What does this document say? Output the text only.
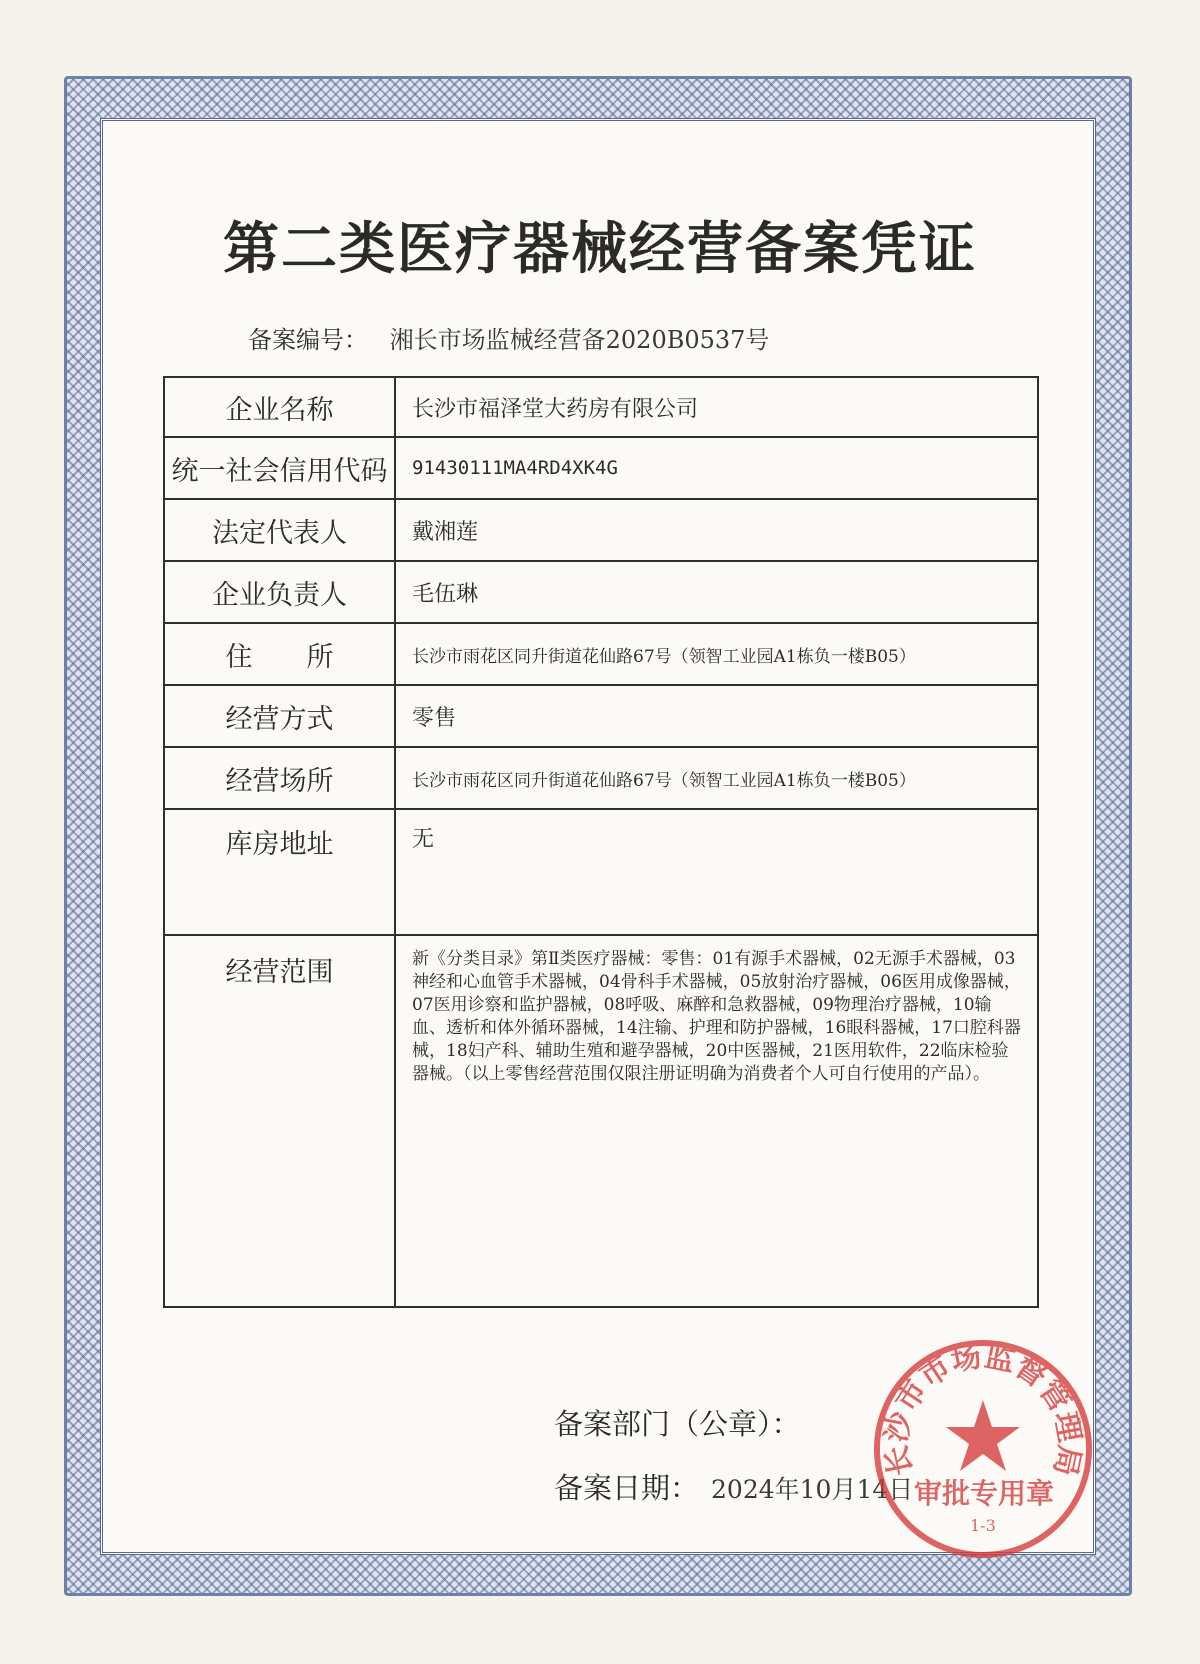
第二类医疗器械经营备案凭证
备案编号： 湘长市场监械经营备2020B0537号
企业名称	长沙市福泽堂大药房有限公司
统一社会信用代码	91430111MA4RD4XK4G
法定代表人	戴湘莲
企业负责人	毛伍琳
住　　所	长沙市雨花区同升街道花仙路67号（领智工业园A1栋负一楼B05）
经营方式	零售
经营场所	长沙市雨花区同升街道花仙路67号（领智工业园A1栋负一楼B05）
库房地址	无
经营范围	新《分类目录》第Ⅱ类医疗器械：零售：01有源手术器械，02无源手术器械，03神经和心血管手术器械，04骨科手术器械，05放射治疗器械，06医用成像器械，07医用诊察和监护器械，08呼吸、麻醉和急救器械，09物理治疗器械，10输血、透析和体外循环器械，14注输、护理和防护器械，16眼科器械，17口腔科器械，18妇产科、辅助生殖和避孕器械，20中医器械，21医用软件，22临床检验器械。（以上零售经营范围仅限注册证明确为消费者个人可自行使用的产品）。
备案部门（公章）：
备案日期： 2024年10月14日
长沙市市场监督管理局
审批专用章
1-3
